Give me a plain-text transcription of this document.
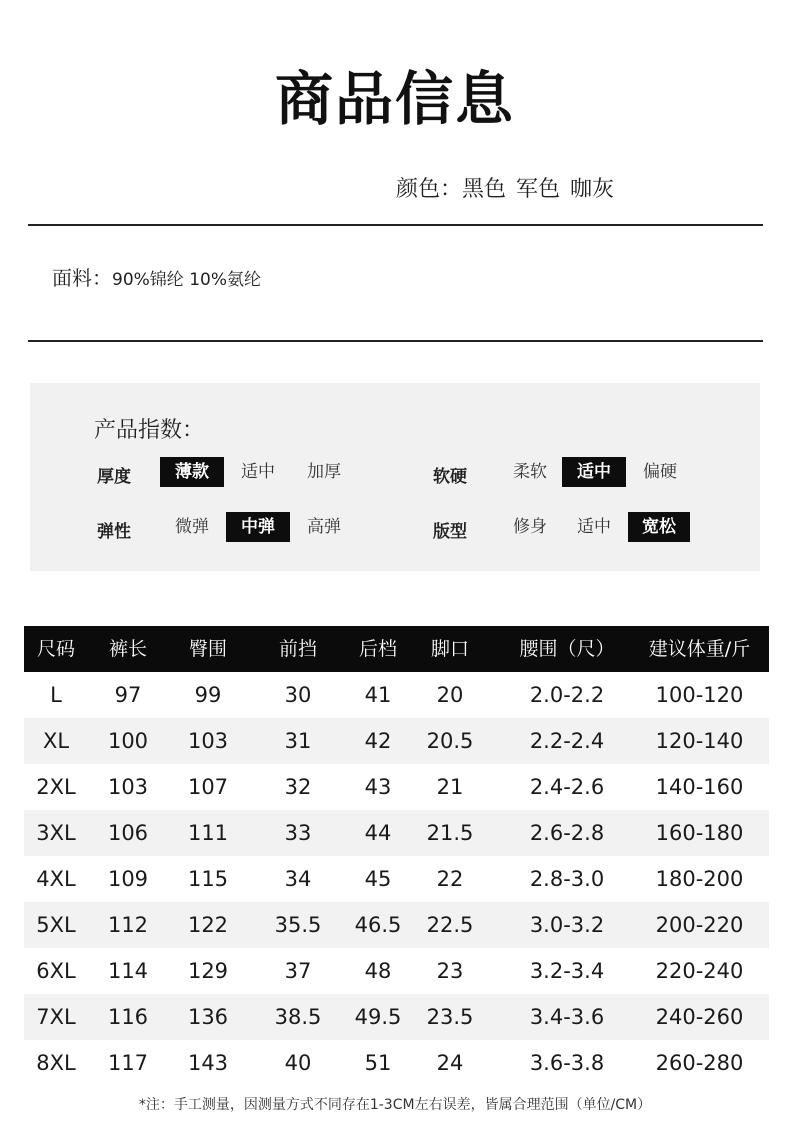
商品信息
颜色：黑色 军色 咖灰
面料：90%锦纶 10%氨纶
产品指数：
厚度	薄款	适中	加厚	软硬	柔软	适中	偏硬
弹性	微弹	中弹	高弹	版型	修身	适中	宽松
尺码	裤长	臀围	前挡	后档	脚口	腰围（尺）	建议体重/斤
L	97	99	30	41	20	2.0-2.2	100-120
XL	100	103	31	42	20.5	2.2-2.4	120-140
2XL	103	107	32	43	21	2.4-2.6	140-160
3XL	106	111	33	44	21.5	2.6-2.8	160-180
4XL	109	115	34	45	22	2.8-3.0	180-200
5XL	112	122	35.5	46.5	22.5	3.0-3.2	200-220
6XL	114	129	37	48	23	3.2-3.4	220-240
7XL	116	136	38.5	49.5	23.5	3.4-3.6	240-260
8XL	117	143	40	51	24	3.6-3.8	260-280
*注：手工测量，因测量方式不同存在1-3CM左右误差，皆属合理范围（单位/CM）
